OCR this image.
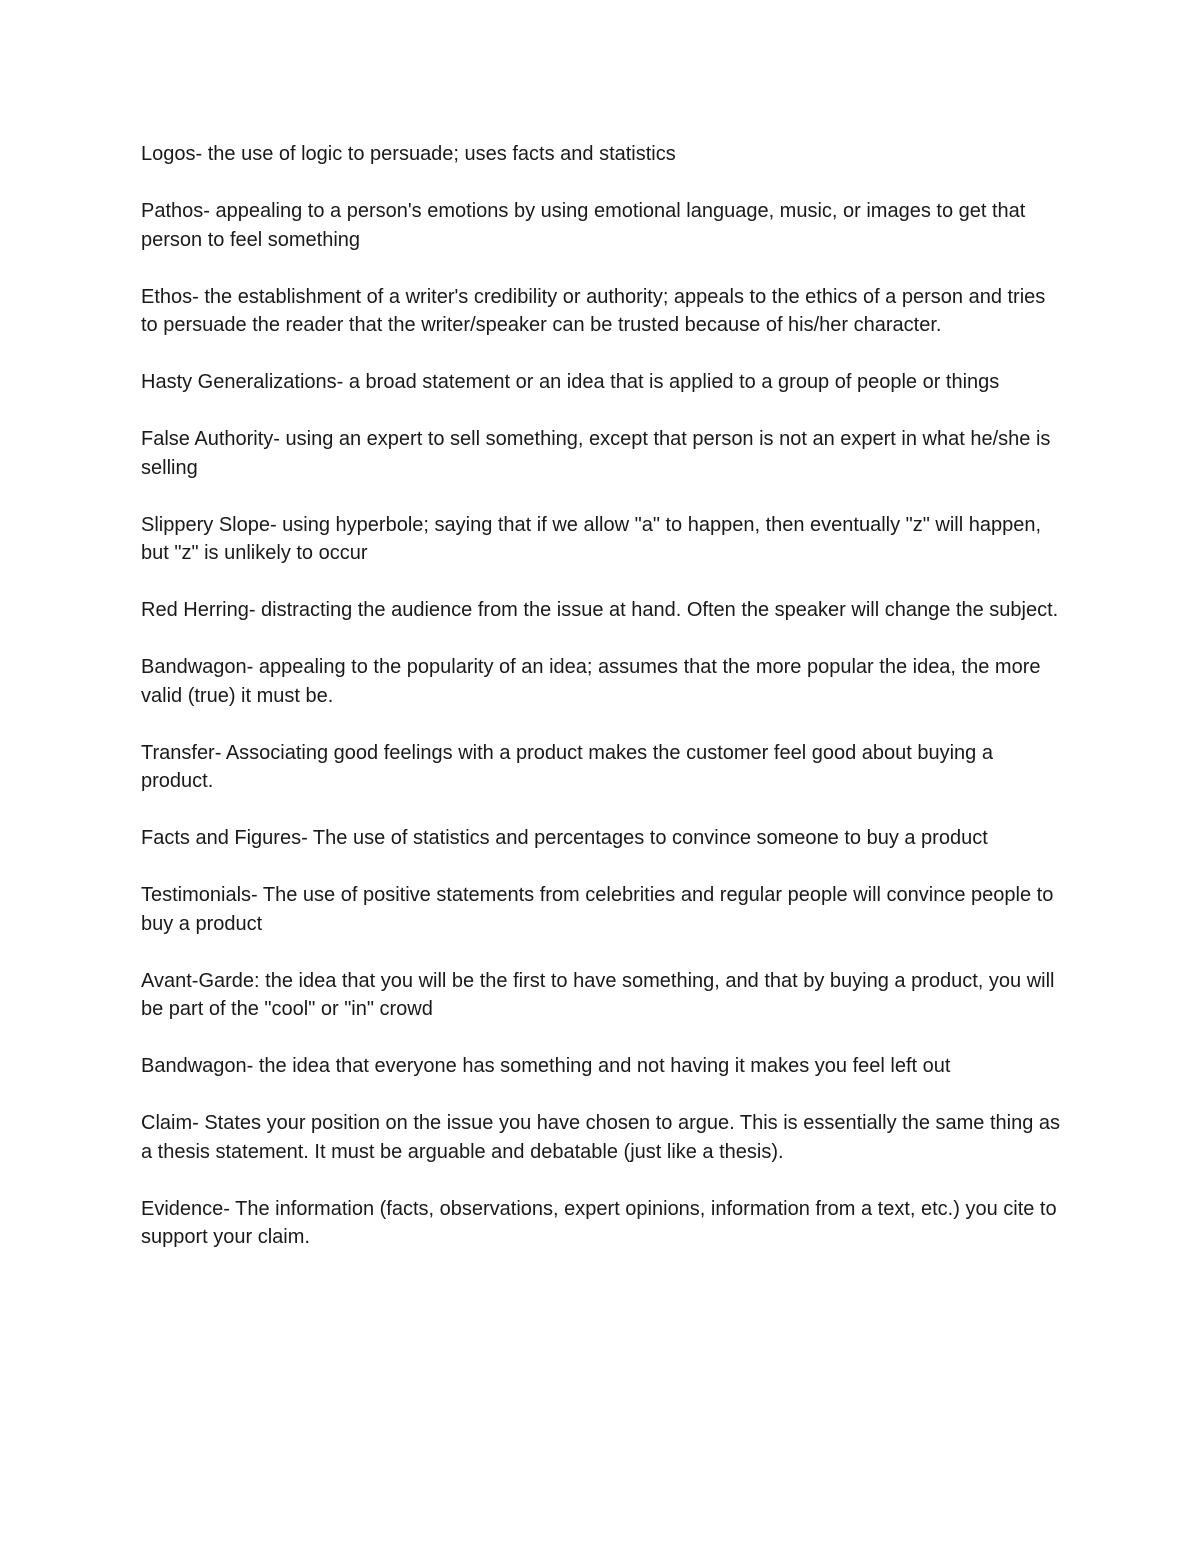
Logos- the use of logic to persuade; uses facts and statistics

Pathos- appealing to a person's emotions by using emotional language, music, or images to get that person to feel something

Ethos- the establishment of a writer's credibility or authority; appeals to the ethics of a person and tries to persuade the reader that the writer/speaker can be trusted because of his/her character.

Hasty Generalizations- a broad statement or an idea that is applied to a group of people or things

False Authority- using an expert to sell something, except that person is not an expert in what he/she is selling

Slippery Slope- using hyperbole; saying that if we allow "a" to happen, then eventually "z" will happen, but "z" is unlikely to occur

Red Herring- distracting the audience from the issue at hand. Often the speaker will change the subject.

Bandwagon- appealing to the popularity of an idea; assumes that the more popular the idea, the more valid (true) it must be.

Transfer- Associating good feelings with a product makes the customer feel good about buying a product.

Facts and Figures- The use of statistics and percentages to convince someone to buy a product

Testimonials- The use of positive statements from celebrities and regular people will convince people to buy a product

Avant-Garde: the idea that you will be the first to have something, and that by buying a product, you will be part of the "cool" or "in" crowd

Bandwagon- the idea that everyone has something and not having it makes you feel left out

Claim- States your position on the issue you have chosen to argue. This is essentially the same thing as a thesis statement. It must be arguable and debatable (just like a thesis).

Evidence- The information (facts, observations, expert opinions, information from a text, etc.) you cite to support your claim.
